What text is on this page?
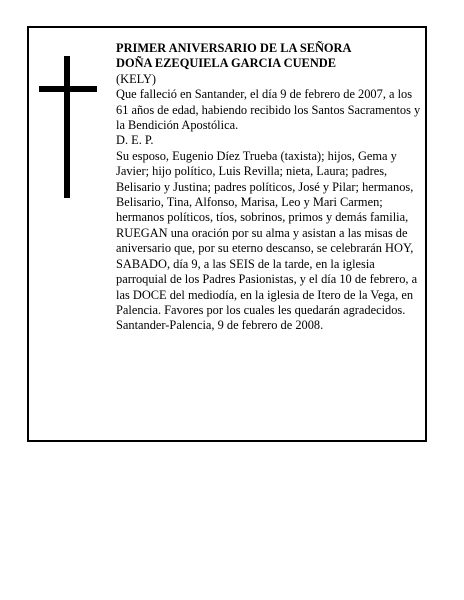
PRIMER ANIVERSARIO DE LA SEÑORA

DOÑA EZEQUIELA GARCIA CUENDE

(KELY)

Que falleció en Santander, el día 9 de febrero de 2007, a los 61 años de edad, habiendo recibido los Santos Sacramentos y la Bendición Apostólica.

D. E. P.

Su esposo, Eugenio Díez Trueba (taxista); hijos, Gema y Javier; hijo político, Luis Revilla; nieta, Laura; padres, Belisario y Justina; padres políticos, José y Pilar; hermanos, Belisario, Tina, Alfonso, Marisa, Leo y Mari Carmen; hermanos políticos, tíos, sobrinos, primos y demás familia,

RUEGAN una oración por su alma y asistan a las misas de aniversario que, por su eterno descanso, se celebrarán HOY, SABADO, día 9, a las SEIS de la tarde, en la iglesia parroquial de los Padres Pasionistas, y el día 10 de febrero, a las DOCE del mediodía, en la iglesia de Itero de la Vega, en Palencia. Favores por los cuales les quedarán agradecidos.

Santander-Palencia, 9 de febrero de 2008.
